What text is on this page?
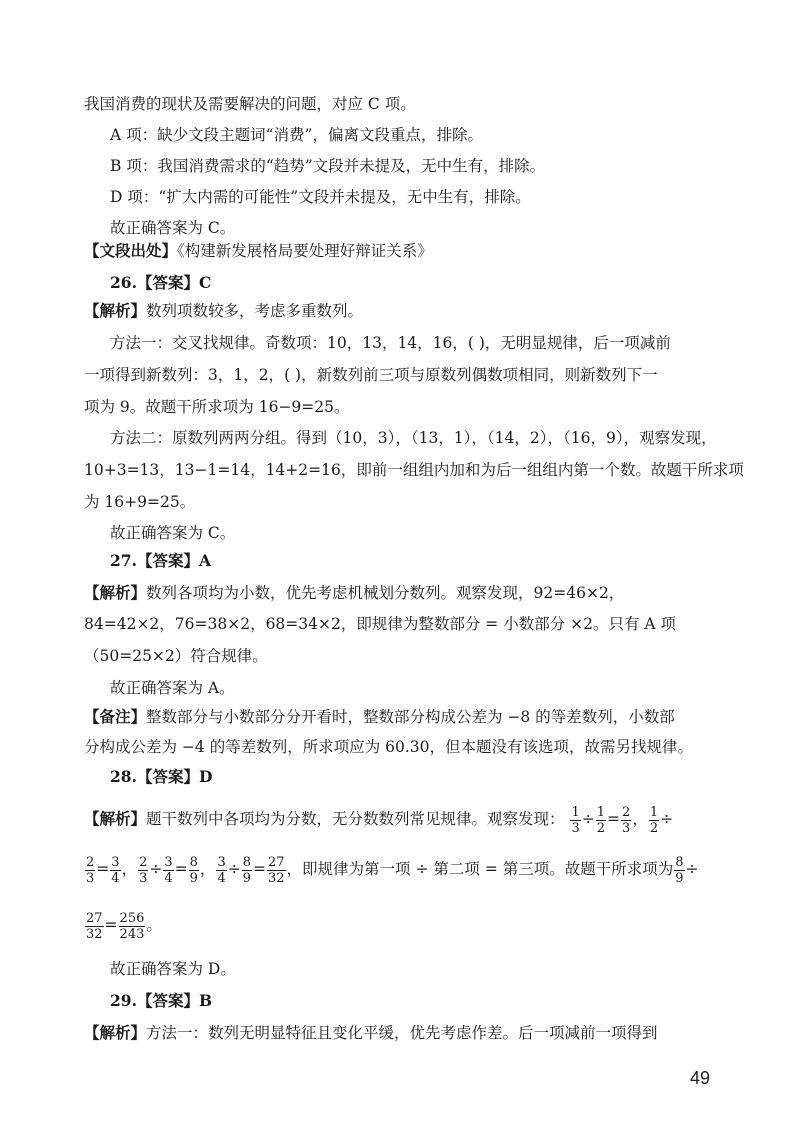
我国消费的现状及需要解决的问题，对应 C 项。
A 项：缺少文段主题词“消费”，偏离文段重点，排除。
B 项：我国消费需求的“趋势”文段并未提及，无中生有，排除。
D 项：“扩大内需的可能性”文段并未提及，无中生有，排除。
故正确答案为 C。
【文段出处】《构建新发展格局要处理好辩证关系》
26.【答案】C
【解析】数列项数较多，考虑多重数列。
方法一：交叉找规律。奇数项：10，13，14，16，( )，无明显规律，后一项减前
一项得到新数列：3，1，2，( )，新数列前三项与原数列偶数项相同，则新数列下一
项为 9。故题干所求项为 16−9=25。
方法二：原数列两两分组。得到（10，3），（13，1），（14，2），（16，9），观察发现，
10+3=13，13−1=14，14+2=16，即前一组组内加和为后一组组内第一个数。故题干所求项
为 16+9=25。
故正确答案为 C。
27.【答案】A
【解析】数列各项均为小数，优先考虑机械划分数列。观察发现，92=46×2，
84=42×2，76=38×2，68=34×2，即规律为整数部分 = 小数部分 ×2。只有 A 项
（50=25×2）符合规律。
故正确答案为 A。
【备注】整数部分与小数部分分开看时，整数部分构成公差为 −8 的等差数列，小数部
分构成公差为 −4 的等差数列，所求项应为 60.30，但本题没有该选项，故需另找规律。
28.【答案】D
【解析】题干数列中各项均为分数，无分数数列常见规律。观察发现： $\frac{1}{3} \div \frac{1}{2} = \frac{2}{3}$ ， $\frac{1}{2}$ ÷
$\frac{2}{3} = \frac{3}{4}$ ， $\frac{2}{3} \div \frac{3}{4} = \frac{8}{9}$ ， $\frac{3}{4} \div \frac{8}{9} = \frac{27}{32}$ ，即规律为第一项 ÷ 第二项 = 第三项。故题干所求项为 $\frac{8}{9}$ ÷
$\frac{27}{32} = \frac{256}{243}$ 。
故正确答案为 D。
29.【答案】B
【解析】方法一：数列无明显特征且变化平缓，优先考虑作差。后一项减前一项得到
49
